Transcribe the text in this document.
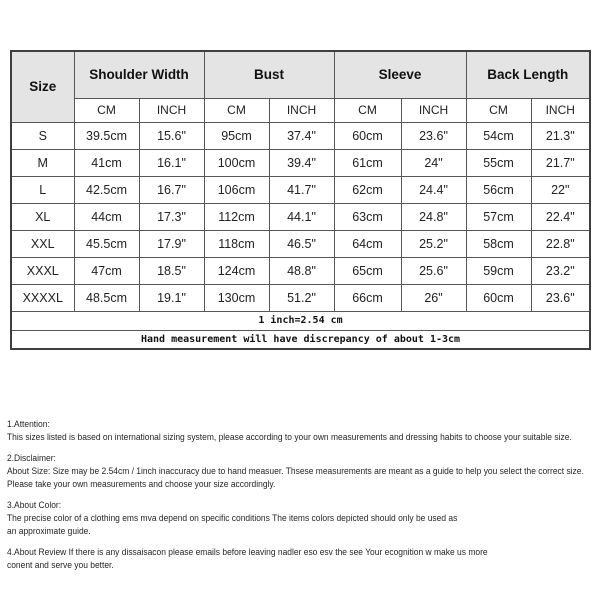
Size	Shoulder Width		Bust		Sleeve		Back Length	
	CM	INCH	CM	INCH	CM	INCH	CM	INCH
S	39.5cm	15.6"	95cm	37.4"	60cm	23.6"	54cm	21.3"
M	41cm	16.1"	100cm	39.4"	61cm	24"	55cm	21.7"
L	42.5cm	16.7"	106cm	41.7"	62cm	24.4"	56cm	22"
XL	44cm	17.3"	112cm	44.1"	63cm	24.8"	57cm	22.4"
XXL	45.5cm	17.9"	118cm	46.5"	64cm	25.2"	58cm	22.8"
XXXL	47cm	18.5"	124cm	48.8"	65cm	25.6"	59cm	23.2"
XXXXL	48.5cm	19.1"	130cm	51.2"	66cm	26"	60cm	23.6"
1 inch=2.54 cm								
Hand measurement will have discrepancy of about 1-3cm								
1.Attention:
This sizes listed is based on international sizing system, please according to your own measurements and dressing habits to choose your suitable size.
2.Disclaimer:
About Size: Size may be 2.54cm / 1inch inaccuracy due to hand measuer. Thsese measurements are meant as a guide to help you select the correct size.
Please take your own measurements and choose your size accordingly.
3.About Color:
The precise color of a clothing ems mva depend on specific conditions The items colors depicted should only be used as
an approximate guide.
4.About Review If there is any dissaisacon please emails before leaving nadler eso esv the see Your ecognition w make us more
conent and serve you better.
